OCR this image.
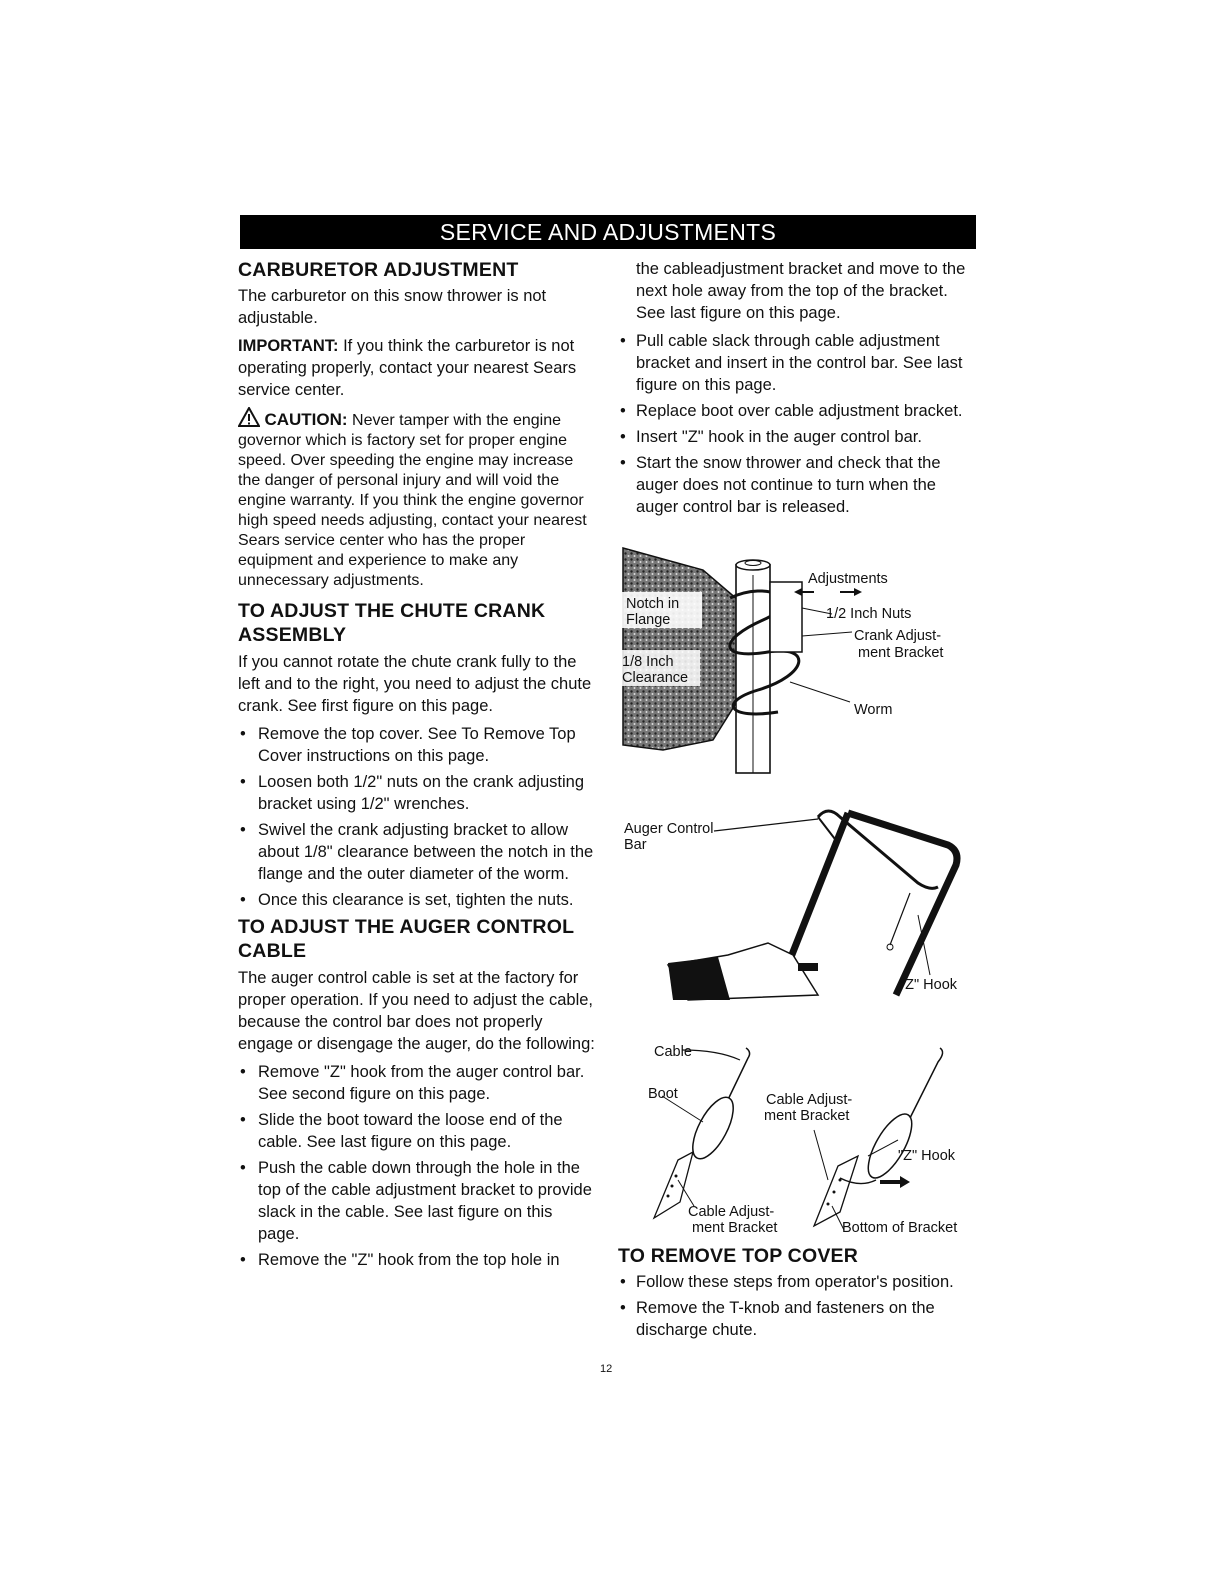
SERVICE AND ADJUSTMENTS
CARBURETOR ADJUSTMENT

The carburetor on this snow thrower is not adjustable.

IMPORTANT: If you think the carburetor is not operating properly, contact your nearest Sears service center.

CAUTION: Never tamper with the engine governor which is factory set for proper engine speed. Over speeding the engine may increase the danger of personal injury and will void the engine warranty. If you think the engine governor high speed needs adjusting, contact your nearest Sears service center who has the proper equipment and experience to make any unnecessary adjustments.

TO ADJUST THE CHUTE CRANK ASSEMBLY

If you cannot rotate the chute crank fully to the left and to the right, you need to adjust the chute crank. See first figure on this page.

• Remove the top cover. See To Remove Top Cover instructions on this page.
• Loosen both 1/2" nuts on the crank adjusting bracket using 1/2" wrenches.
• Swivel the crank adjusting bracket to allow about 1/8" clearance between the notch in the flange and the outer diameter of the worm.
• Once this clearance is set, tighten the nuts.
TO ADJUST THE AUGER CONTROL CABLE

The auger control cable is set at the factory for proper operation. If you need to adjust the cable, because the control bar does not properly engage or disengage the auger, do the following:

• Remove "Z" hook from the auger control bar. See second figure on this page.
• Slide the boot toward the loose end of the cable. See last figure on this page.
• Push the cable down through the hole in the top of the cable adjustment bracket to provide slack in the cable. See last figure on this page.
• Remove the "Z" hook from the top hole in

the cableadjustment bracket and move to the next hole away from the top of the bracket. See last figure on this page.

• Pull cable slack through cable adjustment bracket and insert in the control bar. See last figure on this page.
• Replace boot over cable adjustment bracket.
• Insert "Z" hook in the auger control bar.
• Start the snow thrower and check that the auger does not continue to turn when the auger control bar is released.
Adjustments
1/2 Inch Nuts
Crank Adjust-
ment Bracket
Notch in
Flange
1/8 Inch
Clearance
Worm
Auger Control
Bar
"Z" Hook
Cable
Boot	Cable Adjust-
ment Bracket
"Z" Hook
Cable Adjust-
ment Bracket	Bottom of Bracket
TO REMOVE TOP COVER
• Follow these steps from operator's position.
• Remove the T-knob and fasteners on the discharge chute.
12
